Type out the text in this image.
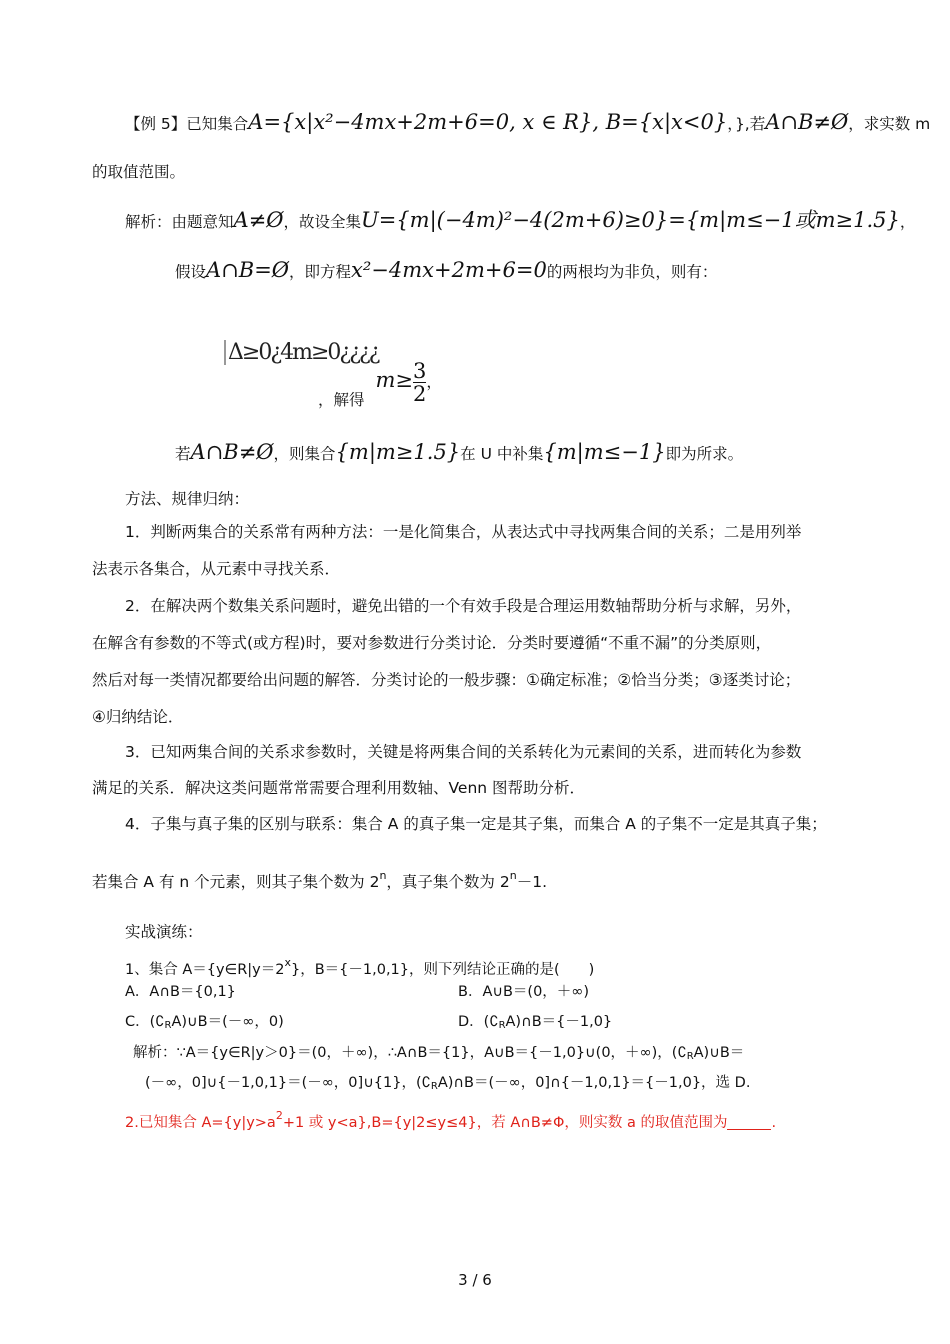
【例 5】已知集合A={x|x²−4mx+2m+6=0, x ∈ R}, B={x|x<0}，},若A∩B≠Ø，求实数 m
的取值范围。
解析：由题意知A≠Ø，故设全集U={m|(−4m)²−4(2m+6)≥0}={m|m≤−1或m≥1.5}，
假设A∩B=Ø，即方程x²−4mx+2m+6=0的两根均为非负，则有：
Δ≥0¿4m≥0¿¿¿¿
，解得 $m\ge\frac{3}{2}$ ，
若A∩B≠Ø，则集合{m|m≥1.5}在 U 中补集{m|m≤−1}即为所求。
方法、规律归纳：
1．判断两集合的关系常有两种方法：一是化简集合，从表达式中寻找两集合间的关系；二是用列举
法表示各集合，从元素中寻找关系．
2．在解决两个数集关系问题时，避免出错的一个有效手段是合理运用数轴帮助分析与求解，另外，
在解含有参数的不等式(或方程)时，要对参数进行分类讨论．分类时要遵循“不重不漏”的分类原则，
然后对每一类情况都要给出问题的解答．分类讨论的一般步骤：①确定标准；②恰当分类；③逐类讨论；
④归纳结论．
3．已知两集合间的关系求参数时，关键是将两集合间的关系转化为元素间的关系，进而转化为参数
满足的关系．解决这类问题常常需要合理利用数轴、Venn 图帮助分析．
4．子集与真子集的区别与联系：集合 A 的真子集一定是其子集，而集合 A 的子集不一定是其真子集；
若集合 A 有 n 个元素，则其子集个数为 2$^n$，真子集个数为 $2^n-1$.
实战演练：
1、集合 $A=\{y\in R|y=2^x\}$，B＝{－1,0,1}，则下列结论正确的是(　　)
A．A∩B＝{0,1}	B．A∪B＝(0，＋∞)
C．$(∁_RA)\cup B=(-\infty$，0)	D．$(∁_RA)\cap B=\{-1,0\}$
解析：∵A＝{y∈R|y＞0}＝(0，＋∞)，∴A∩B＝{1}，A∪B＝{－1,0}∪(0，＋∞)，$(∁_RA)\cup B=$
(－∞，0]∪{－1,0,1}＝(－∞，0]∪{1}，$(∁_RA)\cap B=(-\infty$，0]∩{－1,0,1}＝{－1,0}，选 D.
2.已知集合 $A=\{y|y>a^2+1$ 或 y<a},B={y|2≤y≤4}，若 A∩B≠Φ，则实数 a 的取值范围为	.
3 / 6
